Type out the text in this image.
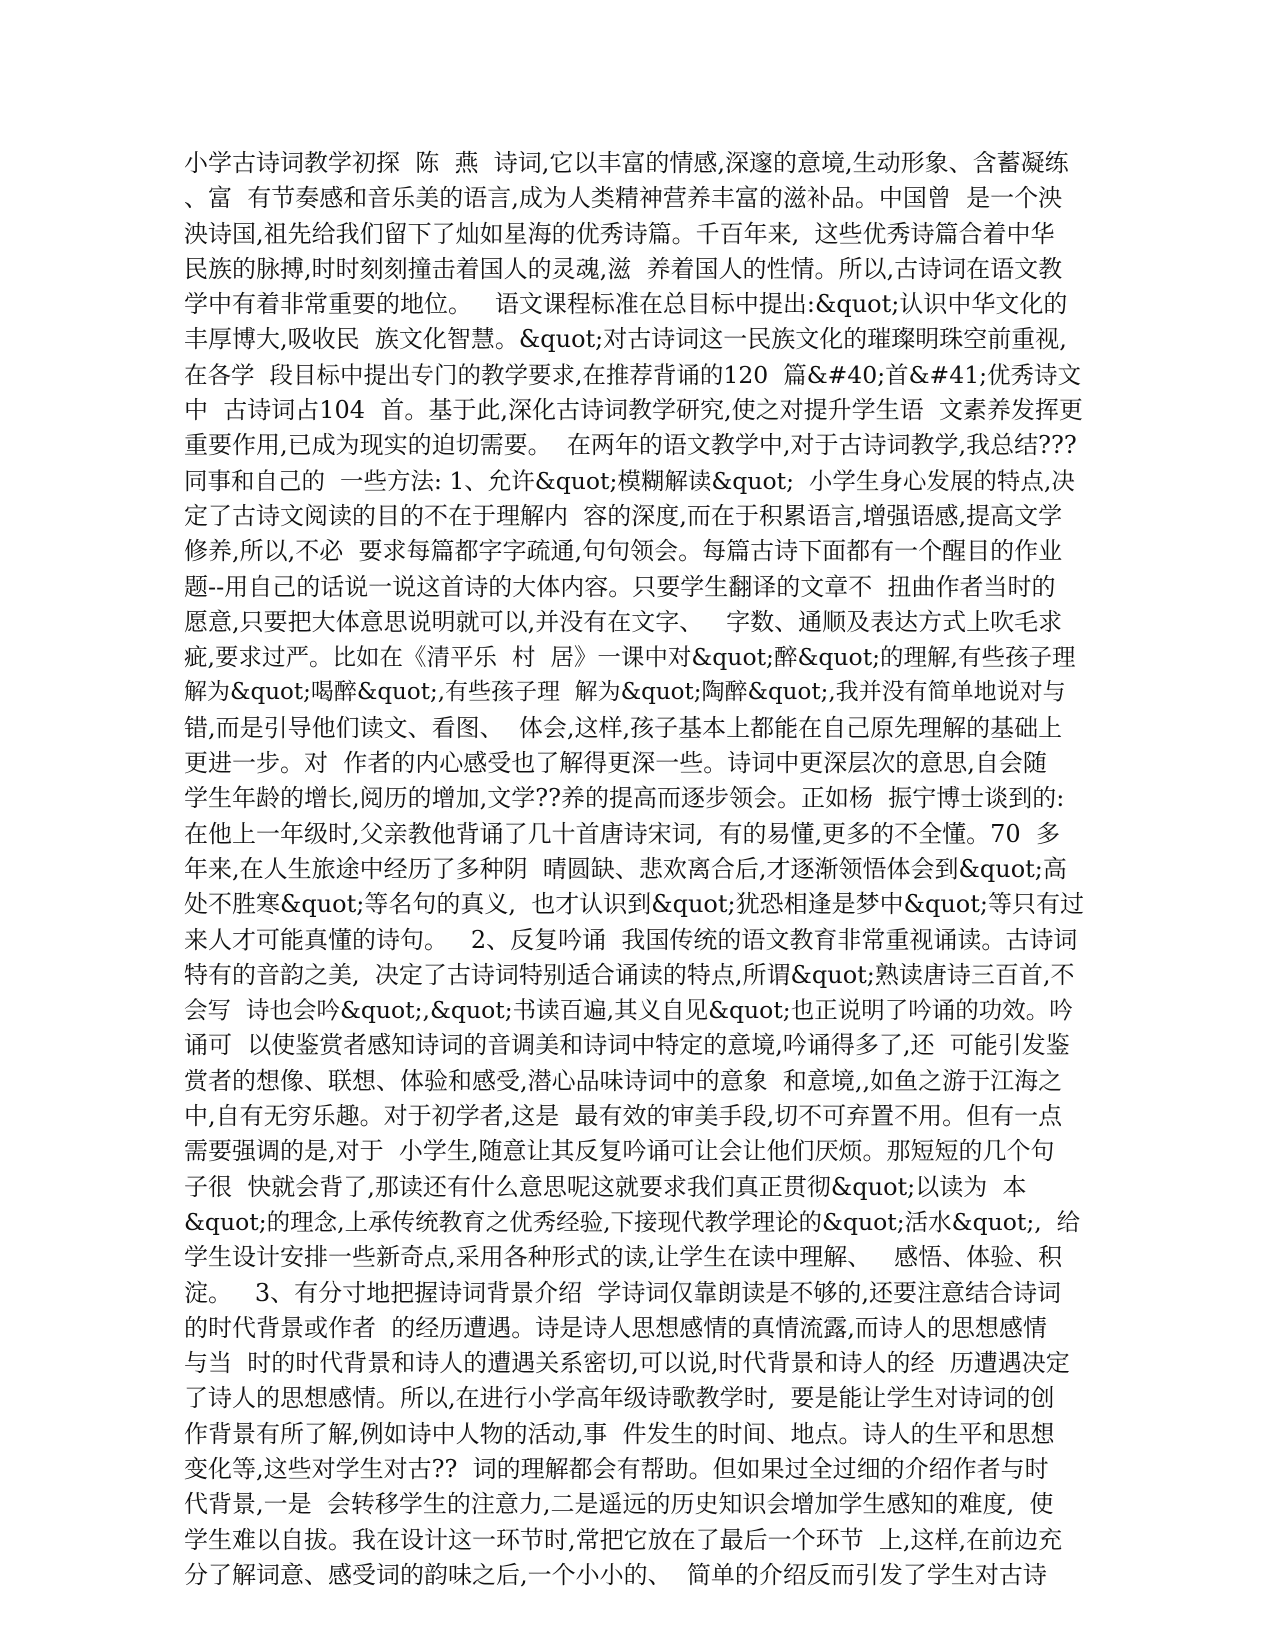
小学古诗词教学初探  陈  燕  诗词,它以丰富的情感,深邃的意境,生动形象、含蓄凝练
、富  有节奏感和音乐美的语言,成为人类精神营养丰富的滋补品。中国曾  是一个泱
泱诗国,祖先给我们留下了灿如星海的优秀诗篇。千百年来,  这些优秀诗篇合着中华
民族的脉搏,时时刻刻撞击着国人的灵魂,滋  养着国人的性情。所以,古诗词在语文教
学中有着非常重要的地位。   语文课程标准在总目标中提出:&quot;认识中华文化的
丰厚博大,吸收民  族文化智慧。&quot;对古诗词这一民族文化的璀璨明珠空前重视,
在各学  段目标中提出专门的教学要求,在推荐背诵的120  篇&#40;首&#41;优秀诗文
中  古诗词占104  首。基于此,深化古诗词教学研究,使之对提升学生语  文素养发挥更
重要作用,已成为现实的迫切需要。  在两年的语文教学中,对于古诗词教学,我总结???
同事和自己的  一些方法: 1、允许&quot;模糊解读&quot;  小学生身心发展的特点,决
定了古诗文阅读的目的不在于理解内  容的深度,而在于积累语言,增强语感,提高文学
修养,所以,不必  要求每篇都字字疏通,句句领会。每篇古诗下面都有一个醒目的作业
题--用自己的话说一说这首诗的大体内容。只要学生翻译的文章不  扭曲作者当时的
愿意,只要把大体意思说明就可以,并没有在文字、   字数、通顺及表达方式上吹毛求
疵,要求过严。比如在《清平乐  村  居》一课中对&quot;醉&quot;的理解,有些孩子理
解为&quot;喝醉&quot;,有些孩子理  解为&quot;陶醉&quot;,我并没有简单地说对与
错,而是引导他们读文、看图、  体会,这样,孩子基本上都能在自己原先理解的基础上
更进一步。对  作者的内心感受也了解得更深一些。诗词中更深层次的意思,自会随
学生年龄的增长,阅历的增加,文学??养的提高而逐步领会。正如杨  振宁博士谈到的:
在他上一年级时,父亲教他背诵了几十首唐诗宋词,  有的易懂,更多的不全懂。70  多
年来,在人生旅途中经历了多种阴  晴圆缺、悲欢离合后,才逐渐领悟体会到&quot;高
处不胜寒&quot;等名句的真义,  也才认识到&quot;犹恐相逢是梦中&quot;等只有过
来人才可能真懂的诗句。   2、反复吟诵  我国传统的语文教育非常重视诵读。古诗词
特有的音韵之美,  决定了古诗词特别适合诵读的特点,所谓&quot;熟读唐诗三百首,不
会写  诗也会吟&quot;,&quot;书读百遍,其义自见&quot;也正说明了吟诵的功效。吟
诵可  以使鉴赏者感知诗词的音调美和诗词中特定的意境,吟诵得多了,还  可能引发鉴
赏者的想像、联想、体验和感受,潜心品味诗词中的意象  和意境,,如鱼之游于江海之
中,自有无穷乐趣。对于初学者,这是  最有效的审美手段,切不可弃置不用。但有一点
需要强调的是,对于  小学生,随意让其反复吟诵可让会让他们厌烦。那短短的几个句
子很  快就会背了,那读还有什么意思呢这就要求我们真正贯彻&quot;以读为  本
&quot;的理念,上承传统教育之优秀经验,下接现代教学理论的&quot;活水&quot;,  给
学生设计安排一些新奇点,采用各种形式的读,让学生在读中理解、   感悟、体验、积
淀。   3、有分寸地把握诗词背景介绍  学诗词仅靠朗读是不够的,还要注意结合诗词
的时代背景或作者  的经历遭遇。诗是诗人思想感情的真情流露,而诗人的思想感情
与当  时的时代背景和诗人的遭遇关系密切,可以说,时代背景和诗人的经  历遭遇决定
了诗人的思想感情。所以,在进行小学高年级诗歌教学时,  要是能让学生对诗词的创
作背景有所了解,例如诗中人物的活动,事  件发生的时间、地点。诗人的生平和思想
变化等,这些对学生对古??  词的理解都会有帮助。但如果过全过细的介绍作者与时
代背景,一是  会转移学生的注意力,二是遥远的历史知识会增加学生感知的难度,  使
学生难以自拔。我在设计这一环节时,常把它放在了最后一个环节  上,这样,在前边充
分了解词意、感受词的韵味之后,一个小小的、  简单的介绍反而引发了学生对古诗
